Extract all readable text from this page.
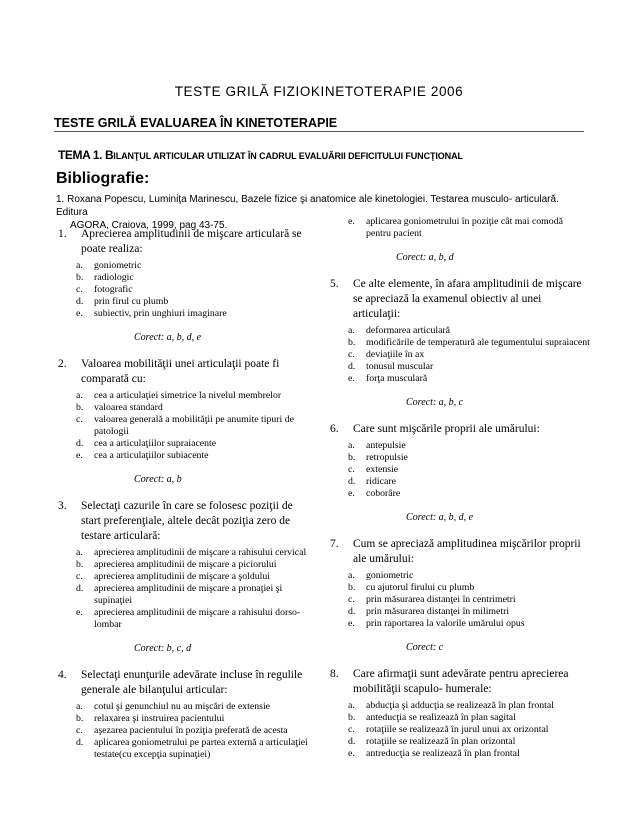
TESTE GRILĂ FIZIOKINETOTERAPIE 2006
TESTE GRILĂ EVALUAREA ÎN KINETOTERAPIE
TEMA 1. BILANŢUL ARTICULAR UTILIZAT ÎN CADRUL EVALUĂRII DEFICITULUI FUNCŢIONAL
Bibliografie:
1. Roxana Popescu, Luminiţa Marinescu, Bazele fizice şi anatomice ale kinetologiei. Testarea musculo- articulară. Editura
AGORA, Craiova, 1999, pag 43-75.
1.	Aprecierea amplitudinii de mişcare articulară se poate realiza:
a.	goniometric
b.	radiologic
c.	fotografic
d.	prin firul cu plumb
e.	subiectiv, prin unghiuri imaginare
Corect: a, b, d, e
2.	Valoarea mobilităţii unei articulaţii poate fi comparată cu:
a.	cea a articulaţiei simetrice la nivelul membrelor
b.	valoarea standard
c.	valoarea generală a mobilităţii pe anumite tipuri de patologii
d.	cea a articulaţiilor supraiacente
e.	cea a articulaţiilor subiacente
Corect: a, b
3.	Selectaţi cazurile în care se folosesc poziţii de start preferenţiale, altele decât poziţia zero de testare articulară:
a.	aprecierea amplitudinii de mişcare a rahisului cervical
b.	aprecierea amplitudinii de mişcare a piciorului
c.	aprecierea amplitudinii de mişcare a şoldului
d.	aprecierea amplitudinii de mişcare a pronaţiei şi supinaţiei
e.	aprecierea amplitudinii de mişcare a rahisului dorso-lombar
Corect: b, c, d
4.	Selectaţi enunţurile adevărate incluse în regulile generale ale bilanţului articular:
a.	cotul şi genunchiul nu au mişcări de extensie
b.	relaxarea şi instruirea pacientului
c.	aşezarea pacientului în poziţia preferată de acesta
d.	aplicarea goniometrului pe partea externă a articulaţiei testate(cu excepţia supinaţiei)
e.	aplicarea goniometrului în poziţie cât mai comodă pentru pacient
Corect: a, b, d
5.	Ce alte elemente, în afara amplitudinii de mişcare se apreciază la examenul obiectiv al unei articulaţii:
a.	deformarea articulară
b.	modificările de temperatură ale tegumentului supraiacent
c.	deviaţiile în ax
d.	tonusul muscular
e.	forţa musculară
Corect: a, b, c
6.	Care sunt mişcările proprii ale umărului:
a.	antepulsie
b.	retropulsie
c.	extensie
d.	ridicare
e.	coborâre
Corect: a, b, d, e
7.	Cum se apreciază amplitudinea mişcărilor proprii ale umărului:
a.	goniometric
b.	cu ajutorul firului cu plumb
c.	prin măsurarea distanţei în centrimetri
d.	prin măsurarea distanţei în milimetri
e.	prin raportarea la valorile umărului opus
Corect: c
8.	Care afirmaţii sunt adevărate pentru aprecierea mobilităţii scapulo- humerale:
a.	abducţia şi adducţia se realizează în plan frontal
b.	anteducţia se realizează în plan sagital
c.	rotaţiile se realizează în jurul unui ax orizontal
d.	rotaţiile se realizează în plan orizontal
e.	antreducţia se realizează în plan frontal
